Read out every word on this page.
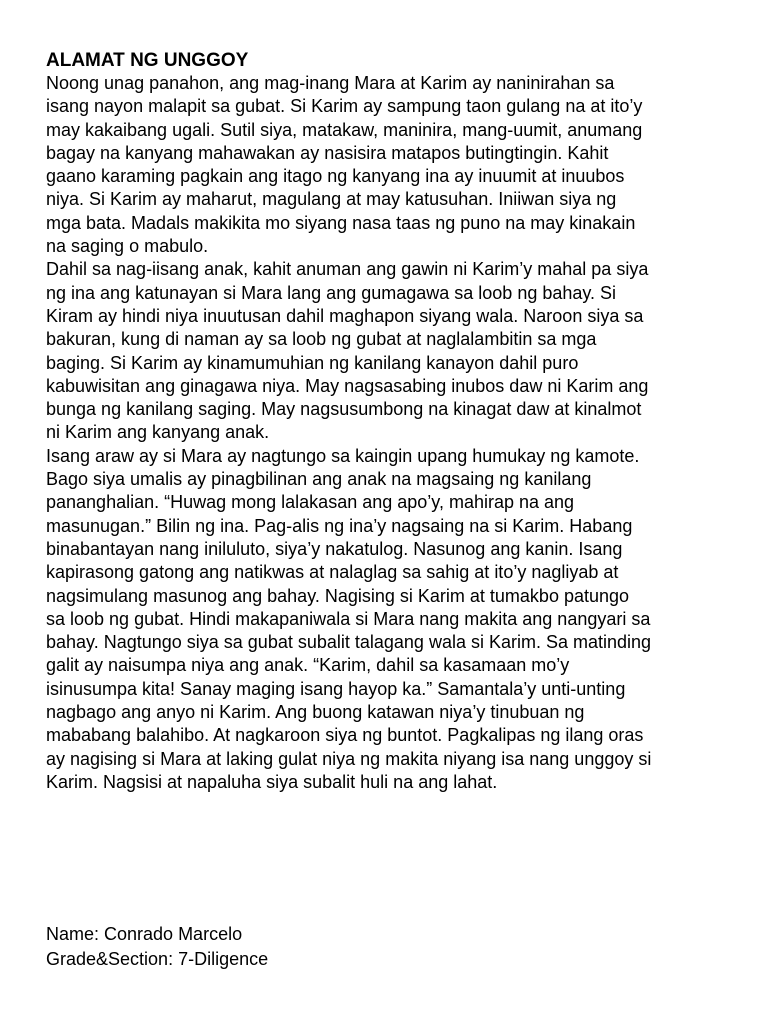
ALAMAT NG UNGGOY

Noong unag panahon, ang mag-inang Mara at Karim ay naninirahan sa
isang nayon malapit sa gubat. Si Karim ay sampung taon gulang na at ito’y
may kakaibang ugali. Sutil siya, matakaw, maninira, mang-uumit, anumang
bagay na kanyang mahawakan ay nasisira matapos butingtingin. Kahit
gaano karaming pagkain ang itago ng kanyang ina ay inuumit at inuubos
niya. Si Karim ay maharut, magulang at may katusuhan. Iniiwan siya ng
mga bata. Madals makikita mo siyang nasa taas ng puno na may kinakain
na saging o mabulo.

Dahil sa nag-iisang anak, kahit anuman ang gawin ni Karim’y mahal pa siya
ng ina ang katunayan si Mara lang ang gumagawa sa loob ng bahay. Si
Kiram ay hindi niya inuutusan dahil maghapon siyang wala. Naroon siya sa
bakuran, kung di naman ay sa loob ng gubat at naglalambitin sa mga
baging. Si Karim ay kinamumuhian ng kanilang kanayon dahil puro
kabuwisitan ang ginagawa niya. May nagsasabing inubos daw ni Karim ang
bunga ng kanilang saging. May nagsusumbong na kinagat daw at kinalmot
ni Karim ang kanyang anak.

Isang araw ay si Mara ay nagtungo sa kaingin upang humukay ng kamote.
Bago siya umalis ay pinagbilinan ang anak na magsaing ng kanilang
pananghalian. “Huwag mong lalakasan ang apo’y, mahirap na ang
masunugan.” Bilin ng ina. Pag-alis ng ina’y nagsaing na si Karim. Habang
binabantayan nang iniluluto, siya’y nakatulog. Nasunog ang kanin. Isang
kapirasong gatong ang natikwas at nalaglag sa sahig at ito’y nagliyab at
nagsimulang masunog ang bahay. Nagising si Karim at tumakbo patungo
sa loob ng gubat. Hindi makapaniwala si Mara nang makita ang nangyari sa
bahay. Nagtungo siya sa gubat subalit talagang wala si Karim. Sa matinding
galit ay naisumpa niya ang anak. “Karim, dahil sa kasamaan mo’y
isinusumpa kita! Sanay maging isang hayop ka.” Samantala’y unti-unting
nagbago ang anyo ni Karim. Ang buong katawan niya’y tinubuan ng
mababang balahibo. At nagkaroon siya ng buntot. Pagkalipas ng ilang oras
ay nagising si Mara at laking gulat niya ng makita niyang isa nang unggoy si
Karim. Nagsisi at napaluha siya subalit huli na ang lahat.

Name: Conrado Marcelo
Grade&Section: 7-Diligence
